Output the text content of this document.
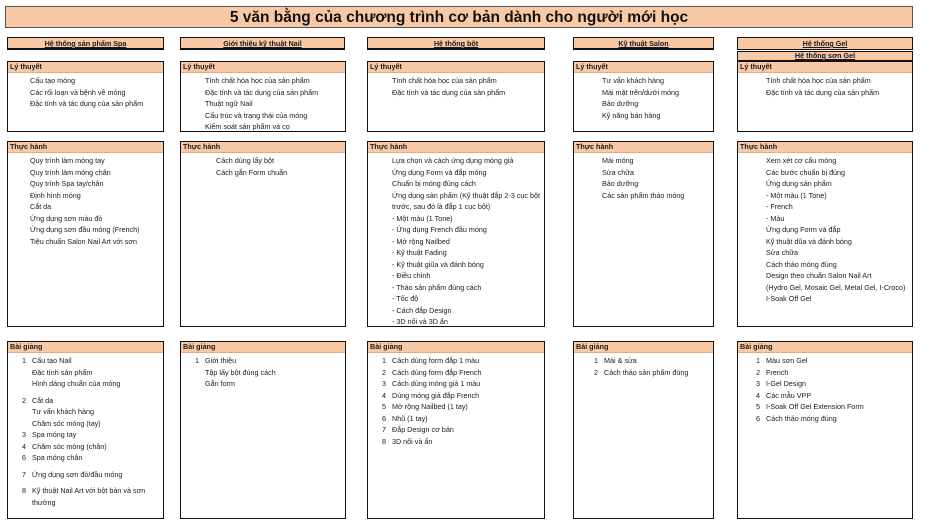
5 văn bằng của chương trình cơ bản dành cho người mới học
Hệ thống sản phẩm Spa	Giới thiệu kỹ thuật Nail	Hệ thống bột	Kỹ thuật Salon	Hệ thống Gel
Hệ thống sơn Gel
Lý thuyết
Cấu tạo móng
Các rối loạn và bệnh về móng
Đặc tính và tác dụng của sản phẩm
Thực hành
Quy trình làm móng tay
Quy trình làm móng chân
Quy trình Spa tay/chân
Định hình móng
Cắt da
Ứng dụng sơn màu đỏ
Ứng dụng sơn đầu móng (French)
Tiêu chuẩn Salon Nail Art với sơn
Bài giảng
1 Cấu tạo Nail
Đặc tính sản phẩm
Hình dáng chuẩn của móng
2 Cắt da
Tư vấn khách hàng
Chăm sóc móng (tay)
3 Spa móng tay
4 Chăm sóc móng (chân)
6 Spa móng chân
7 Ứng dụng sơn đỏ/đầu móng
8 Kỹ thuật Nail Art với bột bản và sơn thường
Lý thuyết
Tính chất hóa học của sản phẩm
Đặc tính và tác dụng của sản phẩm
Thuật ngữ Nail
Cấu trúc và trạng thái của móng
Kiểm soát sản phẩm và cọ
Thực hành
Cách dùng lấy bột
Cách gắn Form chuẩn
Bài giảng
1 Giới thiệu
Tập lấy bột đúng cách
Gắn form
Lý thuyết
Tính chất hóa học của sản phẩm
Đặc tính và tác dụng của sản phẩm
Thực hành
Lựa chọn và cách ứng dụng móng giả
Ứng dụng Form và đắp móng
Chuẩn bị móng đúng cách
Ứng dụng sản phẩm (Kỹ thuật đắp 2-3 cục bột trước, sau đó là đắp 1 cục bột)
- Một màu (1 Tone)
- Ứng dụng French đầu móng
- Mở rộng Nailbed
- Kỹ thuật Fading
- Kỹ thuật giũa và đánh bóng
- Điều chỉnh
- Tháo sản phẩm đúng cách
- Tốc độ
- Cách đắp Design
- 3D nổi và 3D ẩn
Bài giảng
1 Cách dùng form đắp 1 màu
2 Cách dùng form đắp French
3 Cách dùng móng giả 1 màu
4 Dùng móng giả đắp French
5 Mở rộng Nailbed (1 tay)
6 Nhũ (1 tay)
7 Đắp Design cơ bản
8 3D nổi và ẩn
Lý thuyết
Tư vấn khách hàng
Mài mặt trên/dưới móng
Bảo dưỡng
Kỹ năng bán hàng
Thực hành
Mài móng
Sửa chữa
Bảo dưỡng
Các sản phẩm tháo móng
Bài giảng
1 Mài & sửa
2 Cách tháo sản phẩm đúng
Lý thuyết
Tính chất hóa học của sản phẩm
Đặc tính và tác dụng của sản phẩm
Thực hành
Xem xét cơ cấu móng
Các bước chuẩn bị đúng
Ứng dụng sản phẩm
- Một màu (1 Tone)
- French
- Màu
Ứng dụng Form và đắp
Kỹ thuật dũa và đánh bóng
Sửa chữa
Cách tháo móng đúng
Design theo chuẩn Salon Nail Art
(Hydro Gel, Mosaic Gel, Metal Gel, I-Croco)
I-Soak Off Gel
Bài giảng
1 Màu sơn Gel
2 French
3 I-Gel Design
4 Các mẫu VPP
5 I-Soak Off Gel Extension Form
6 Cách tháo móng đúng
